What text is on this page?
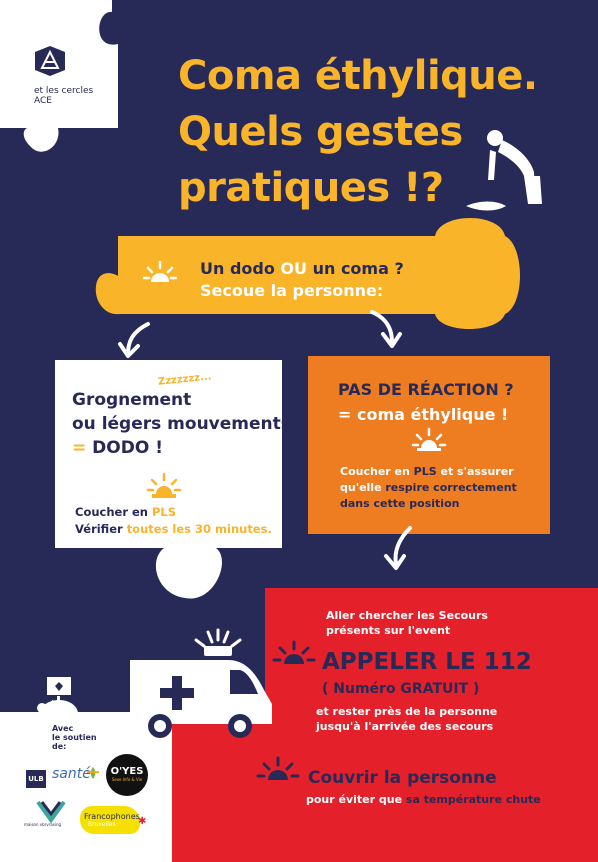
et les cercles
ACE
Coma éthylique.
Quels gestes
pratiques !?
Un dodo OU un coma ?
Secoue la personne:
Zzzzzzz...
Grognement
ou légers mouvements
= DODO !
Coucher en PLS
Vérifier toutes les 30 minutes.
PAS DE RÉACTION ?
= coma éthylique !
Coucher en PLS et s'assurer
qu'elle respire correctement
dans cette position
Aller chercher les Secours
présents sur l'event
APPELER LE 112
( Numéro GRATUIT )
et rester près de la personne
jusqu'à l'arrivée des secours
Couvrir la personne
pour éviter que sa température chute
Avec
le soutien
de:
ULB santé	O'YES
Sexe Info & Vie
maison vbrvrasing
Francophones
Bruxelles	✱
